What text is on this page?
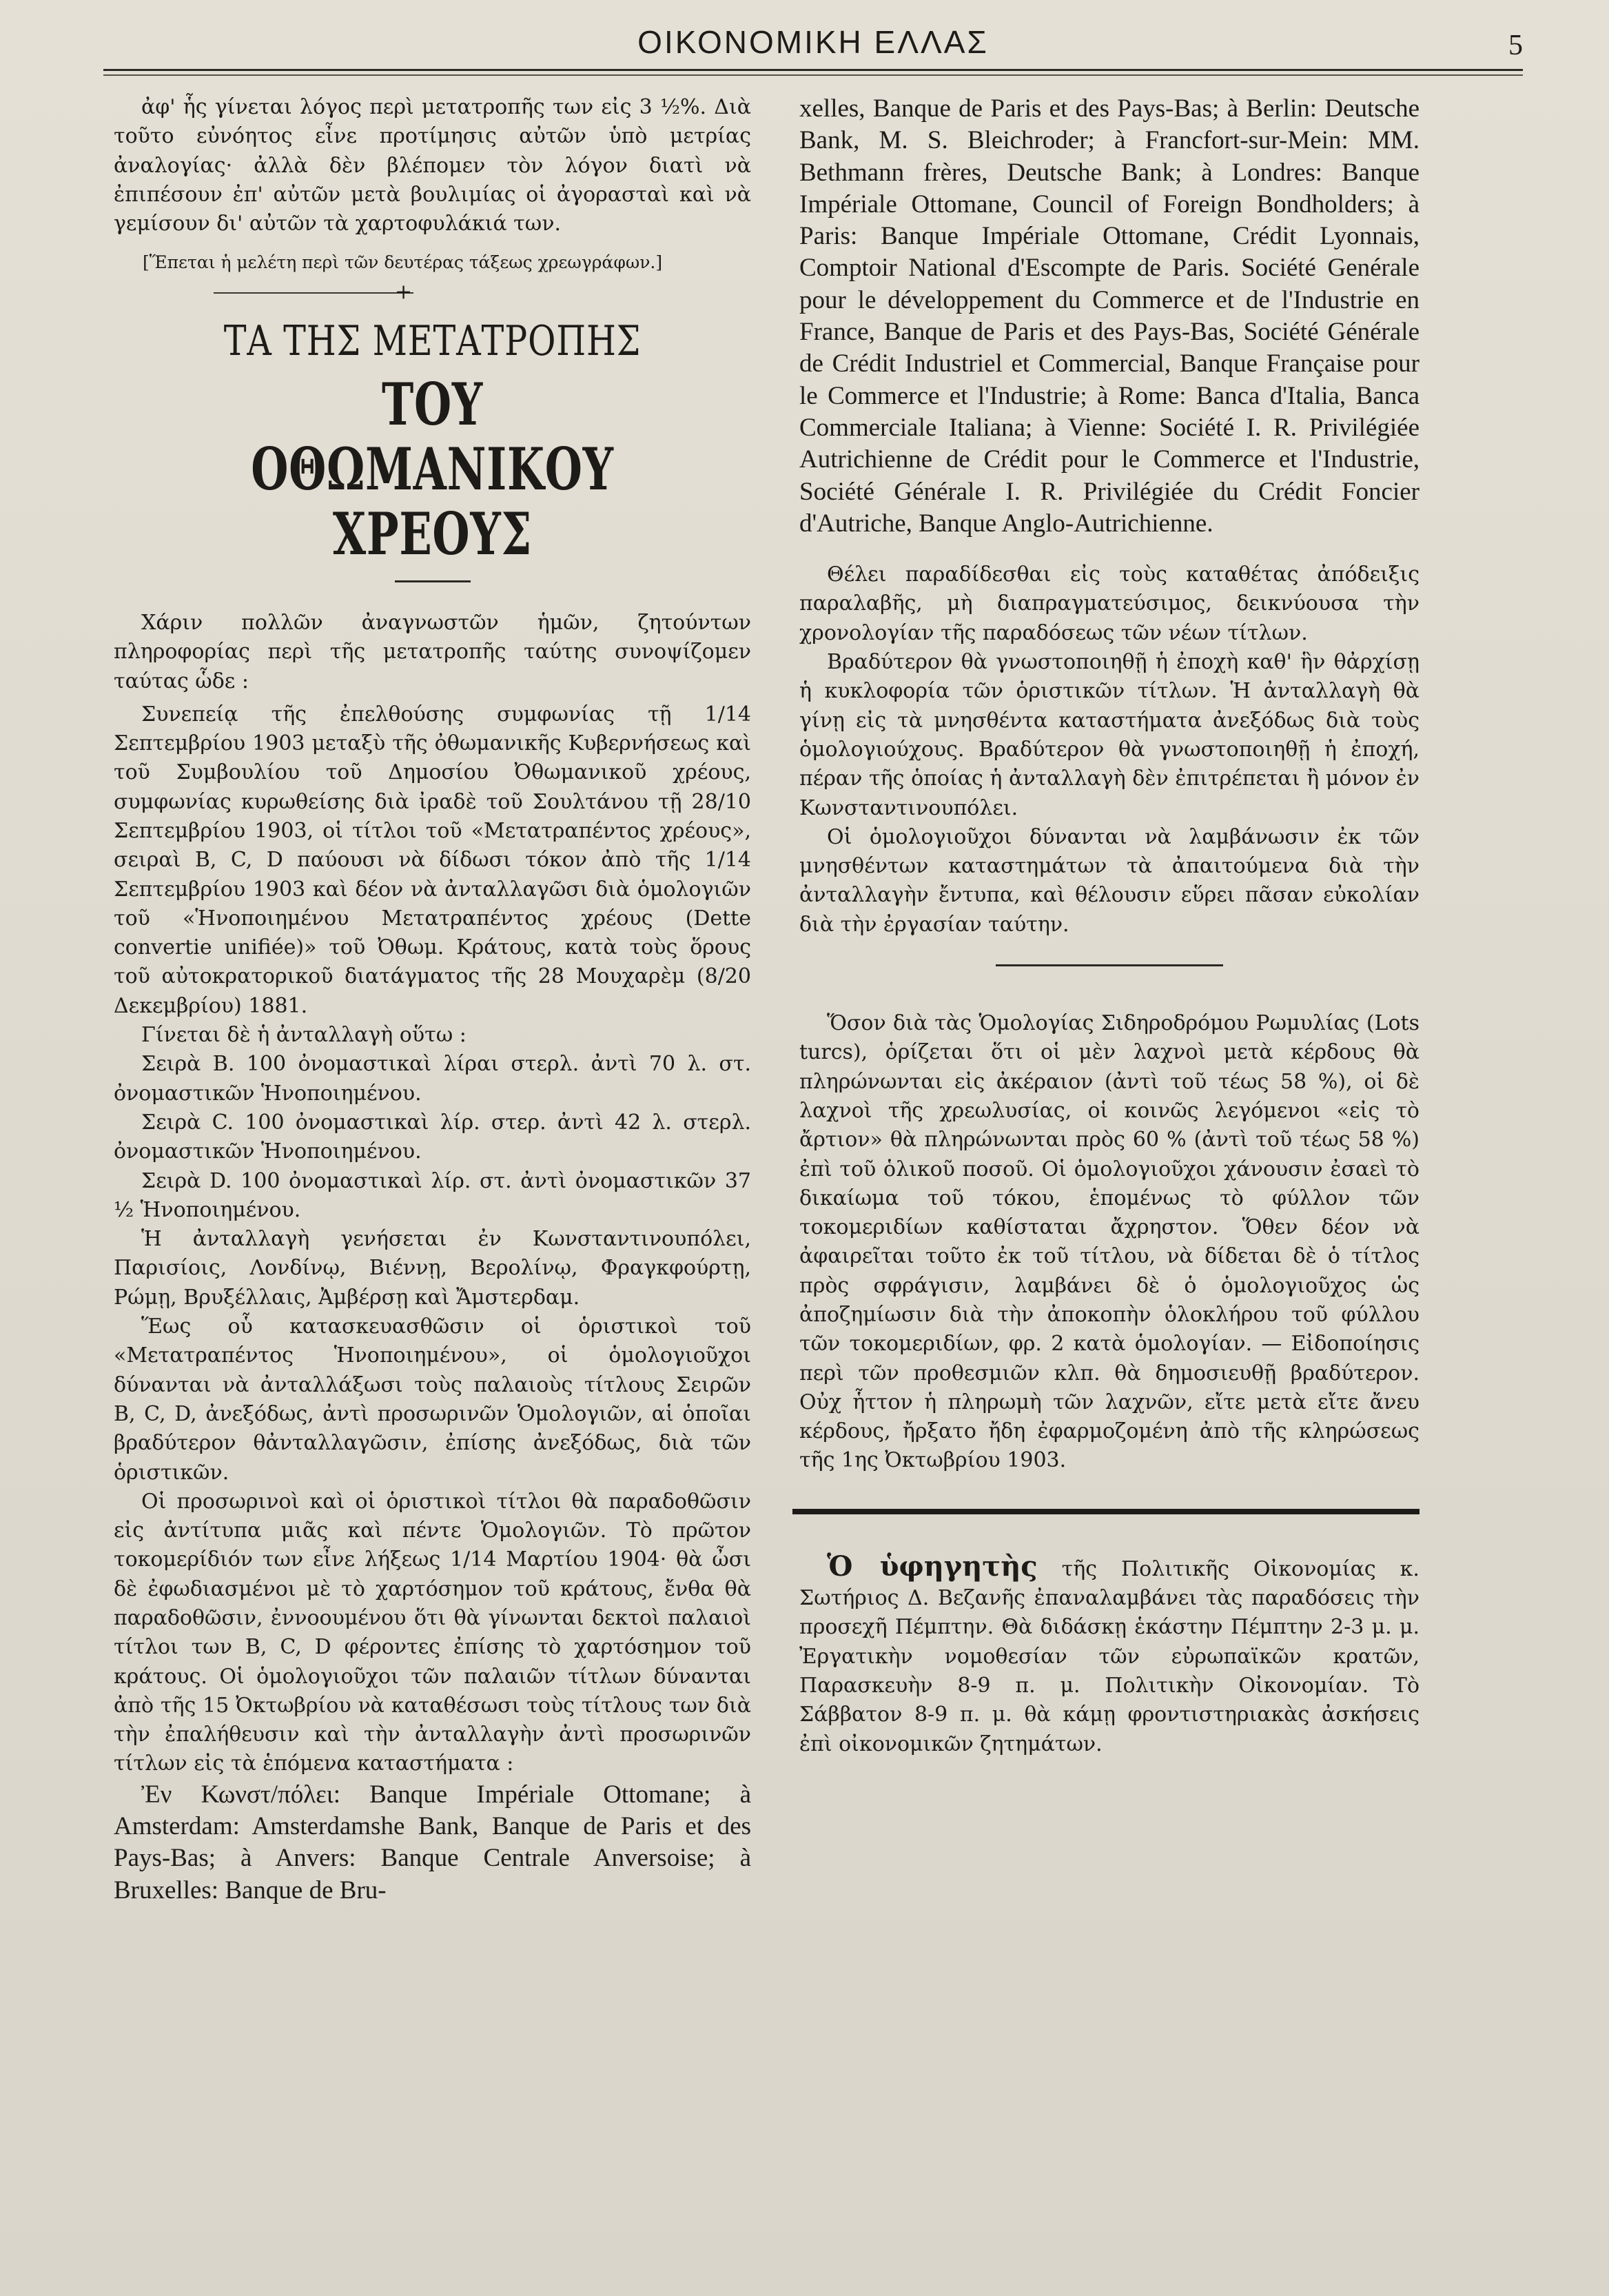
ΟΙΚΟΝΟΜΙΚΗ ΕΛΛΑΣ	5

ἀφ' ἧς γίνεται λόγος περὶ μετατροπῆς των εἰς 3 ½%. Διὰ τοῦτο εὐνόητος εἶνε προτίμησις αὐτῶν ὑπὸ μετρίας ἀναλογίας· ἀλλὰ δὲν βλέπομεν τὸν λόγον διατὶ νὰ ἐπιπέσουν ἐπ' αὐτῶν μετὰ βουλιμίας οἱ ἀγορασταὶ καὶ νὰ γεμίσουν δι' αὐτῶν τὰ χαρτοφυλάκιά των.

[Ἕπεται ἡ μελέτη περὶ τῶν δευτέρας τάξεως χρεωγράφων.]

+
ΤΑ ΤΗΣ ΜΕΤΑΤΡΟΠΗΣ
ΤΟΥ ΟΘΩΜΑΝΙΚΟΥ ΧΡΕΟΥΣ

Χάριν πολλῶν ἀναγνωστῶν ἡμῶν, ζητούντων πληροφορίας περὶ τῆς μετατροπῆς ταύτης συνοψίζομεν ταύτας ὧδε :

Συνεπείᾳ τῆς ἐπελθούσης συμφωνίας τῇ 1/14 Σεπτεμβρίου 1903 μεταξὺ τῆς ὀθωμανικῆς Κυβερνήσεως καὶ τοῦ Συμβουλίου τοῦ Δημοσίου Ὀθωμανικοῦ χρέους, συμφωνίας κυρωθείσης διὰ ἰραδὲ τοῦ Σουλτάνου τῇ 28/10 Σεπτεμβρίου 1903, οἱ τίτλοι τοῦ «Μετατραπέντος χρέους», σειραὶ B, C, D παύουσι νὰ δίδωσι τόκον ἀπὸ τῆς 1/14 Σεπτεμβρίου 1903 καὶ δέον νὰ ἀνταλλαγῶσι διὰ ὁμολογιῶν τοῦ «Ἡνοποιημένου Μετατραπέντος χρέους (Dette convertie unifiée)» τοῦ Ὀθωμ. Κράτους, κατὰ τοὺς ὅρους τοῦ αὐτοκρατορικοῦ διατάγματος τῆς 28 Μουχαρὲμ (8/20 Δεκεμβρίου) 1881.

Γίνεται δὲ ἡ ἀνταλλαγὴ οὕτω :

Σειρὰ B. 100 ὀνομαστικαὶ λίραι στερλ. ἀντὶ 70 λ. στ. ὀνομαστικῶν Ἡνοποιημένου.

Σειρὰ C. 100 ὀνομαστικαὶ λίρ. στερ. ἀντὶ 42 λ. στερλ. ὀνομαστικῶν Ἡνοποιημένου.

Σειρὰ D. 100 ὀνομαστικαὶ λίρ. στ. ἀντὶ ὀνομαστικῶν 37 ½ Ἡνοποιημένου.

Ἡ ἀνταλλαγὴ γενήσεται ἐν Κωνσταντινουπόλει, Παρισίοις, Λονδίνῳ, Βιέννῃ, Βερολίνῳ, Φραγκφούρτῃ, Ρώμῃ, Βρυξέλλαις, Ἀμβέρσῃ καὶ Ἄμστερδαμ.

Ἕως οὗ κατασκευασθῶσιν οἱ ὁριστικοὶ τοῦ «Μετατραπέντος Ἡνοποιημένου», οἱ ὁμολογιοῦχοι δύνανται νὰ ἀνταλλάξωσι τοὺς παλαιοὺς τίτλους Σειρῶν B, C, D, ἀνεξόδως, ἀντὶ προσωρινῶν Ὁμολογιῶν, αἱ ὁποῖαι βραδύτερον θἀνταλλαγῶσιν, ἐπίσης ἀνεξόδως, διὰ τῶν ὁριστικῶν.

Οἱ προσωρινοὶ καὶ οἱ ὁριστικοὶ τίτλοι θὰ παραδοθῶσιν εἰς ἀντίτυπα μιᾶς καὶ πέντε Ὁμολογιῶν. Τὸ πρῶτον τοκομερίδιόν των εἶνε λήξεως 1/14 Μαρτίου 1904· θὰ ὦσι δὲ ἐφωδιασμένοι μὲ τὸ χαρτόσημον τοῦ κράτους, ἔνθα θὰ παραδοθῶσιν, ἐννοουμένου ὅτι θὰ γίνωνται δεκτοὶ παλαιοὶ τίτλοι των B, C, D φέροντες ἐπίσης τὸ χαρτόσημον τοῦ κράτους. Οἱ ὁμολογιοῦχοι τῶν παλαιῶν τίτλων δύνανται ἀπὸ τῆς 15 Ὀκτωβρίου νὰ καταθέσωσι τοὺς τίτλους των διὰ τὴν ἐπαλήθευσιν καὶ τὴν ἀνταλλαγὴν ἀντὶ προσωρινῶν τίτλων εἰς τὰ ἑπόμενα καταστήματα :

Ἐν Κωνστ/πόλει: Banque Impériale Ottomane; à Amsterdam: Amsterdamshe Bank, Banque de Paris et des Pays-Bas; à Anvers: Banque Centrale Anversoise; à Bruxelles: Banque de Bru-

xelles, Banque de Paris et des Pays-Bas; à Berlin: Deutsche Bank, M. S. Bleichroder; à Francfort-sur-Mein: MM. Bethmann frères, Deutsche Bank; à Londres: Banque Impériale Ottomane, Council of Foreign Bondholders; à Paris: Banque Impériale Ottomane, Crédit Lyonnais, Comptoir National d'Escompte de Paris. Société Genérale pour le développement du Commerce et de l'Industrie en France, Banque de Paris et des Pays-Bas, Société Générale de Crédit Industriel et Commercial, Banque Française pour le Commerce et l'Industrie; à Rome: Banca d'Italia, Banca Commerciale Italiana; à Vienne: Société I. R. Privilégiée Autrichienne de Crédit pour le Commerce et l'Industrie, Société Générale I. R. Privilégiée du Crédit Foncier d'Autriche, Banque Anglo-Autrichienne.

Θέλει παραδίδεσθαι εἰς τοὺς καταθέτας ἀπόδειξις παραλαβῆς, μὴ διαπραγματεύσιμος, δεικνύουσα τὴν χρονολογίαν τῆς παραδόσεως τῶν νέων τίτλων.

Βραδύτερον θὰ γνωστοποιηθῇ ἡ ἐποχὴ καθ' ἣν θἀρχίσῃ ἡ κυκλοφορία τῶν ὁριστικῶν τίτλων. Ἡ ἀνταλλαγὴ θὰ γίνῃ εἰς τὰ μνησθέντα καταστήματα ἀνεξόδως διὰ τοὺς ὁμολογιούχους. Βραδύτερον θὰ γνωστοποιηθῇ ἡ ἐποχή, πέραν τῆς ὁποίας ἡ ἀνταλλαγὴ δὲν ἐπιτρέπεται ἢ μόνον ἐν Κωνσταντινουπόλει.

Οἱ ὁμολογιοῦχοι δύνανται νὰ λαμβάνωσιν ἐκ τῶν μνησθέντων καταστημάτων τὰ ἀπαιτούμενα διὰ τὴν ἀνταλλαγὴν ἔντυπα, καὶ θέλουσιν εὕρει πᾶσαν εὐκολίαν διὰ τὴν ἐργασίαν ταύτην.

Ὅσον διὰ τὰς Ὁμολογίας Σιδηροδρόμου Ρωμυλίας (Lots turcs), ὁρίζεται ὅτι οἱ μὲν λαχνοὶ μετὰ κέρδους θὰ πληρώνωνται εἰς ἀκέραιον (ἀντὶ τοῦ τέως 58 %), οἱ δὲ λαχνοὶ τῆς χρεωλυσίας, οἱ κοινῶς λεγόμενοι «εἰς τὸ ἄρτιον» θὰ πληρώνωνται πρὸς 60 % (ἀντὶ τοῦ τέως 58 %) ἐπὶ τοῦ ὁλικοῦ ποσοῦ. Οἱ ὁμολογιοῦχοι χάνουσιν ἐσαεὶ τὸ δικαίωμα τοῦ τόκου, ἑπομένως τὸ φύλλον τῶν τοκομεριδίων καθίσταται ἄχρηστον. Ὅθεν δέον νὰ ἀφαιρεῖται τοῦτο ἐκ τοῦ τίτλου, νὰ δίδεται δὲ ὁ τίτλος πρὸς σφράγισιν, λαμβάνει δὲ ὁ ὁμολογιοῦχος ὡς ἀποζημίωσιν διὰ τὴν ἀποκοπὴν ὁλοκλήρου τοῦ φύλλου τῶν τοκομεριδίων, φρ. 2 κατὰ ὁμολογίαν. — Εἰδοποίησις περὶ τῶν προθεσμιῶν κλπ. θὰ δημοσιευθῇ βραδύτερον. Οὐχ ἧττον ἡ πληρωμὴ τῶν λαχνῶν, εἴτε μετὰ εἴτε ἄνευ κέρδους, ἤρξατο ἤδη ἐφαρμοζομένη ἀπὸ τῆς κληρώσεως τῆς 1ης Ὀκτωβρίου 1903.

Ὁ ὑφηγητὴς τῆς Πολιτικῆς Οἰκονομίας κ. Σωτήριος Δ. Βεζανῆς ἐπαναλαμβάνει τὰς παραδόσεις τὴν προσεχῆ Πέμπτην. Θὰ διδάσκῃ ἑκάστην Πέμπτην 2-3 μ. μ. Ἐργατικὴν νομοθεσίαν τῶν εὐρωπαϊκῶν κρατῶν, Παρασκευὴν 8-9 π. μ. Πολιτικὴν Οἰκονομίαν. Τὸ Σάββατον 8-9 π. μ. θὰ κάμῃ φροντιστηριακὰς ἀσκήσεις ἐπὶ οἰκονομικῶν ζητημάτων.
